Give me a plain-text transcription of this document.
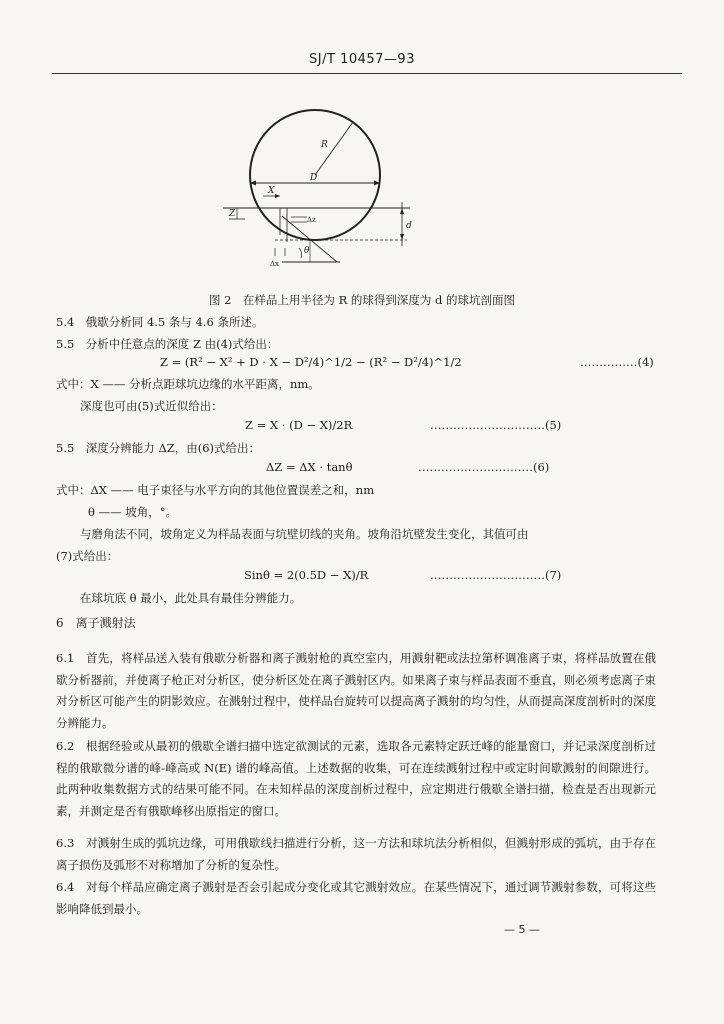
SJ/T 10457—93
R
D
X
Z
Δz
d
θ
Δx
图 2　在样品上用半径为 R 的球得到深度为 d 的球坑剖面图
5.4　俄歇分析同 4.5 条与 4.6 条所述。
5.5　分析中任意点的深度 Z 由(4)式给出：
Z = (R² − X² + D · X − D²/4)^1/2 − (R² − D²/4)^1/2	……………(4)
式中：X —— 分析点距球坑边缘的水平距离，nm。
深度也可由(5)式近似给出：
Z = X · (D − X)/2R	…………………………(5)
5.5　深度分辨能力 ΔZ，由(6)式给出：
ΔZ = ΔX · tanθ	…………………………(6)
式中：ΔX —— 电子束径与水平方向的其他位置误差之和，nm
θ —— 坡角，°。
与磨角法不同，坡角定义为样品表面与坑壁切线的夹角。坡角沿坑壁发生变化，其值可由
(7)式给出：
Sinθ = 2(0.5D − X)/R	…………………………(7)
在球坑底 θ 最小，此处具有最佳分辨能力。
6　离子溅射法
6.1　首先，将样品送入装有俄歇分析器和离子溅射枪的真空室内，用溅射靶或法拉第杯调准离子束，将样品放置在俄歇分析器前，并使离子枪正对分析区，使分析区处在离子溅射区内。如果离子束与样品表面不垂直，则必须考虑离子束对分析区可能产生的阴影效应。在溅射过程中，使样品台旋转可以提高离子溅射的均匀性，从而提高深度剖析时的深度分辨能力。
6.2　根据经验或从最初的俄歇全谱扫描中选定欲测试的元素，选取各元素特定跃迁峰的能量窗口，并记录深度剖析过程的俄歇微分谱的峰-峰高或 N(E) 谱的峰高值。上述数据的收集，可在连续溅射过程中或定时间歇溅射的间隙进行。此两种收集数据方式的结果可能不同。在未知样品的深度剖析过程中，应定期进行俄歇全谱扫描，检查是否出现新元素，并测定是否有俄歇峰移出原指定的窗口。
6.3　对溅射生成的弧坑边缘，可用俄歇线扫描进行分析，这一方法和球坑法分析相似，但溅射形成的弧坑，由于存在离子损伤及弧形不对称增加了分析的复杂性。
6.4　对每个样品应确定离子溅射是否会引起成分变化或其它溅射效应。在某些情况下，通过调节溅射参数，可将这些影响降低到最小。
— 5 —
